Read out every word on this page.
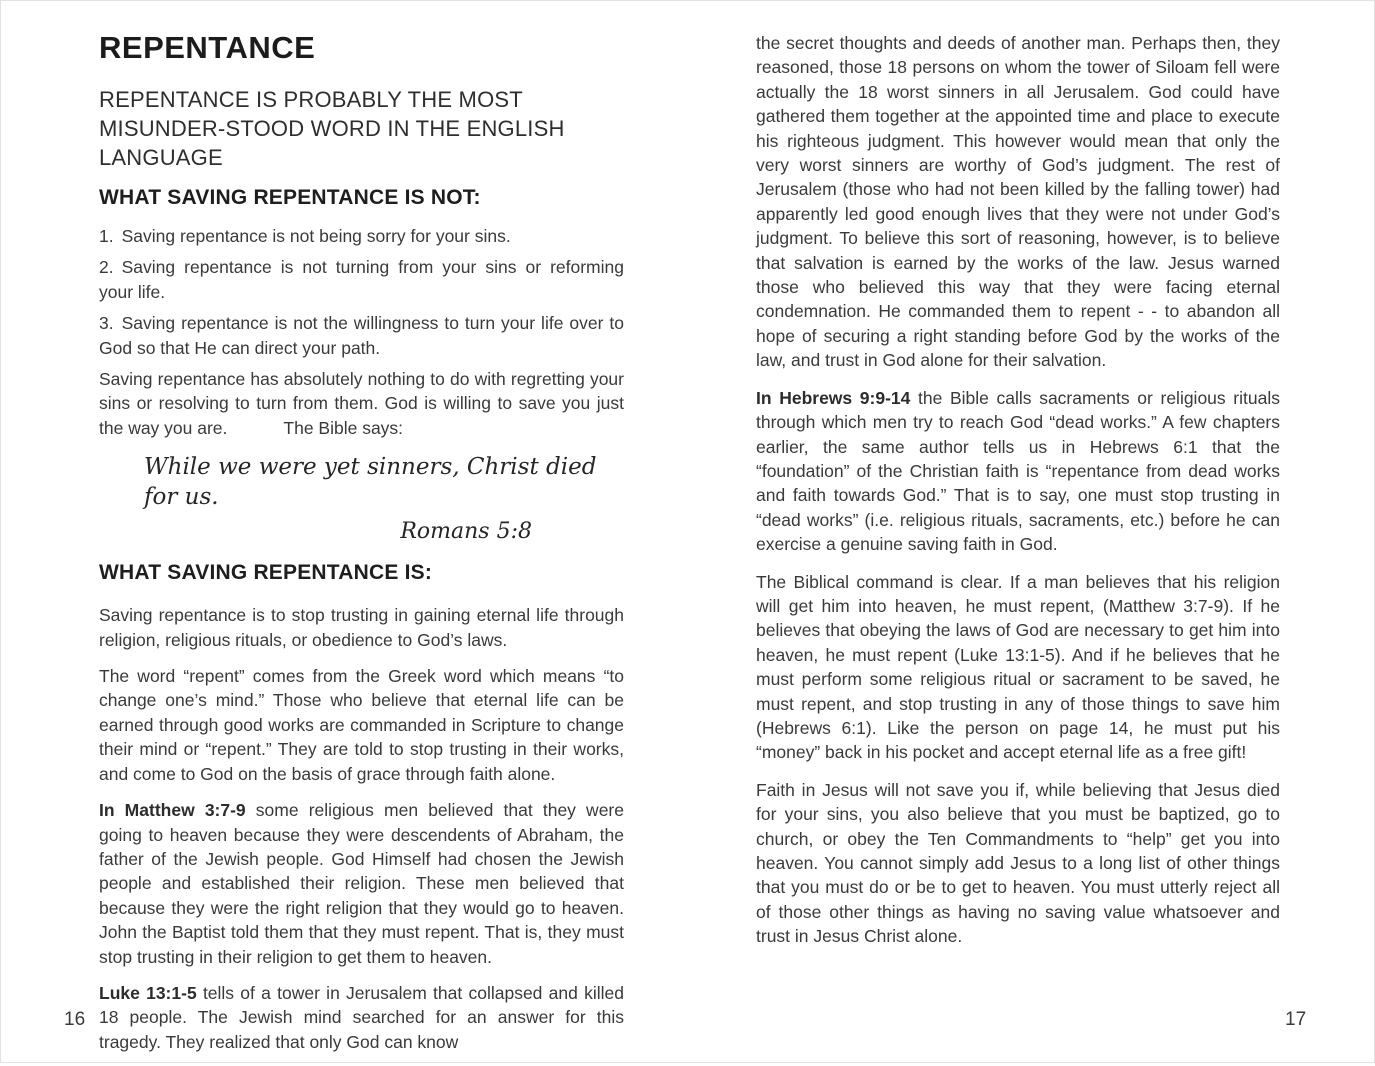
REPENTANCE
REPENTANCE IS PROBABLY THE MOST MISUNDER-STOOD WORD IN THE ENGLISH LANGUAGE
WHAT SAVING REPENTANCE IS NOT:
1. Saving repentance is not being sorry for your sins.
2. Saving repentance is not turning from your sins or reforming your life.
3. Saving repentance is not the willingness to turn your life over to God so that He can direct your path.

Saving repentance has absolutely nothing to do with regretting your sins or resolving to turn from them. God is willing to save you just the way you are.	The Bible says:

While we were yet sinners, Christ died for us.
Romans 5:8
WHAT SAVING REPENTANCE IS:

Saving repentance is to stop trusting in gaining eternal life through religion, religious rituals, or obedience to God’s laws.

The word “repent” comes from the Greek word which means “to change one’s mind.” Those who believe that eternal life can be earned through good works are commanded in Scripture to change their mind or “repent.” They are told to stop trusting in their works, and come to God on the basis of grace through faith alone.

In Matthew 3:7-9 some religious men believed that they were going to heaven because they were descendents of Abraham, the father of the Jewish people. God Himself had chosen the Jewish people and established their religion. These men believed that because they were the right religion that they would go to heaven. John the Baptist told them that they must repent. That is, they must stop trusting in their religion to get them to heaven.

Luke 13:1-5 tells of a tower in Jerusalem that collapsed and killed 18 people. The Jewish mind searched for an answer for this tragedy. They realized that only God can know

the secret thoughts and deeds of another man. Perhaps then, they reasoned, those 18 persons on whom the tower of Siloam fell were actually the 18 worst sinners in all Jerusalem. God could have gathered them together at the appointed time and place to execute his righteous judgment. This however would mean that only the very worst sinners are worthy of God’s judgment. The rest of Jerusalem (those who had not been killed by the falling tower) had apparently led good enough lives that they were not under God’s judgment. To believe this sort of reasoning, however, is to believe that salvation is earned by the works of the law. Jesus warned those who believed this way that they were facing eternal condemnation. He commanded them to repent - - to abandon all hope of securing a right standing before God by the works of the law, and trust in God alone for their salvation.

In Hebrews 9:9-14 the Bible calls sacraments or religious rituals through which men try to reach God “dead works.” A few chapters earlier, the same author tells us in Hebrews 6:1 that the “foundation” of the Christian faith is “repentance from dead works and faith towards God.” That is to say, one must stop trusting in “dead works” (i.e. religious rituals, sacraments, etc.) before he can exercise a genuine saving faith in God.

The Biblical command is clear. If a man believes that his religion will get him into heaven, he must repent, (Matthew 3:7-9). If he believes that obeying the laws of God are necessary to get him into heaven, he must repent (Luke 13:1-5). And if he believes that he must perform some religious ritual or sacrament to be saved, he must repent, and stop trusting in any of those things to save him (Hebrews 6:1). Like the person on page 14, he must put his “money” back in his pocket and accept eternal life as a free gift!

Faith in Jesus will not save you if, while believing that Jesus died for your sins, you also believe that you must be baptized, go to church, or obey the Ten Commandments to “help” get you into heaven. You cannot simply add Jesus to a long list of other things that you must do or be to get to heaven. You must utterly reject all of those other things as having no saving value whatsoever and trust in Jesus Christ alone.

16	17
